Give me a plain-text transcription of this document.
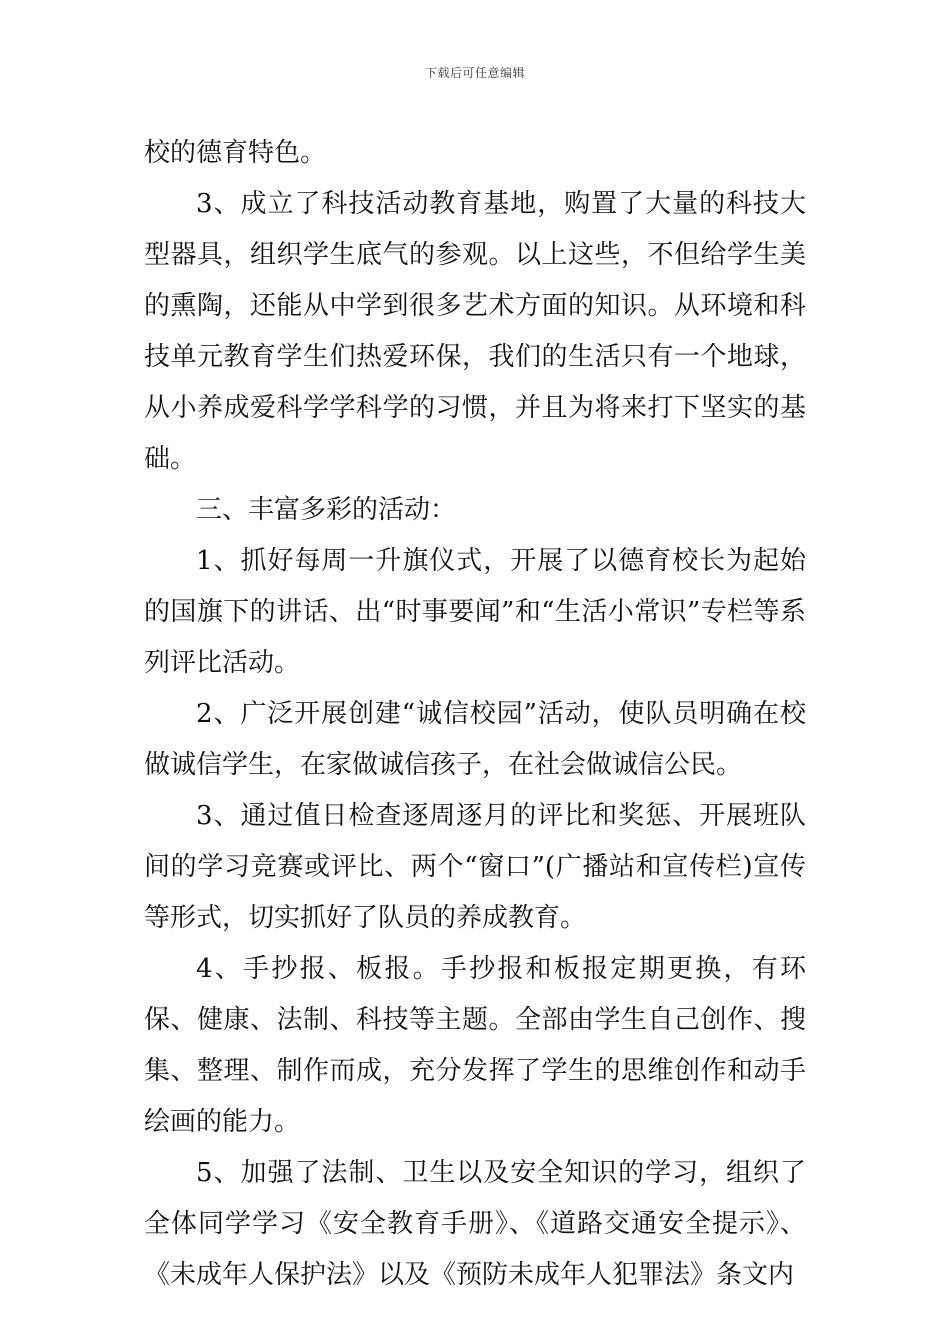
下载后可任意编辑

校的德育特色。

3、成立了科技活动教育基地，购置了大量的科技大型器具，组织学生底气的参观。以上这些，不但给学生美的熏陶，还能从中学到很多艺术方面的知识。从环境和科技单元教育学生们热爱环保，我们的生活只有一个地球，从小养成爱科学学科学的习惯，并且为将来打下坚实的基础。

三、丰富多彩的活动：

1、抓好每周一升旗仪式，开展了以德育校长为起始的国旗下的讲话、出“时事要闻”和“生活小常识”专栏等系列评比活动。

2、广泛开展创建“诚信校园”活动，使队员明确在校做诚信学生，在家做诚信孩子，在社会做诚信公民。

3、通过值日检查逐周逐月的评比和奖惩、开展班队间的学习竞赛或评比、两个“窗口”(广播站和宣传栏)宣传等形式，切实抓好了队员的养成教育。

4、手抄报、板报。手抄报和板报定期更换，有环保、健康、法制、科技等主题。全部由学生自己创作、搜集、整理、制作而成，充分发挥了学生的思维创作和动手绘画的能力。

5、加强了法制、卫生以及安全知识的学习，组织了全体同学学习《安全教育手册》、《道路交通安全提示》、《未成年人保护法》以及《预防未成年人犯罪法》条文内
